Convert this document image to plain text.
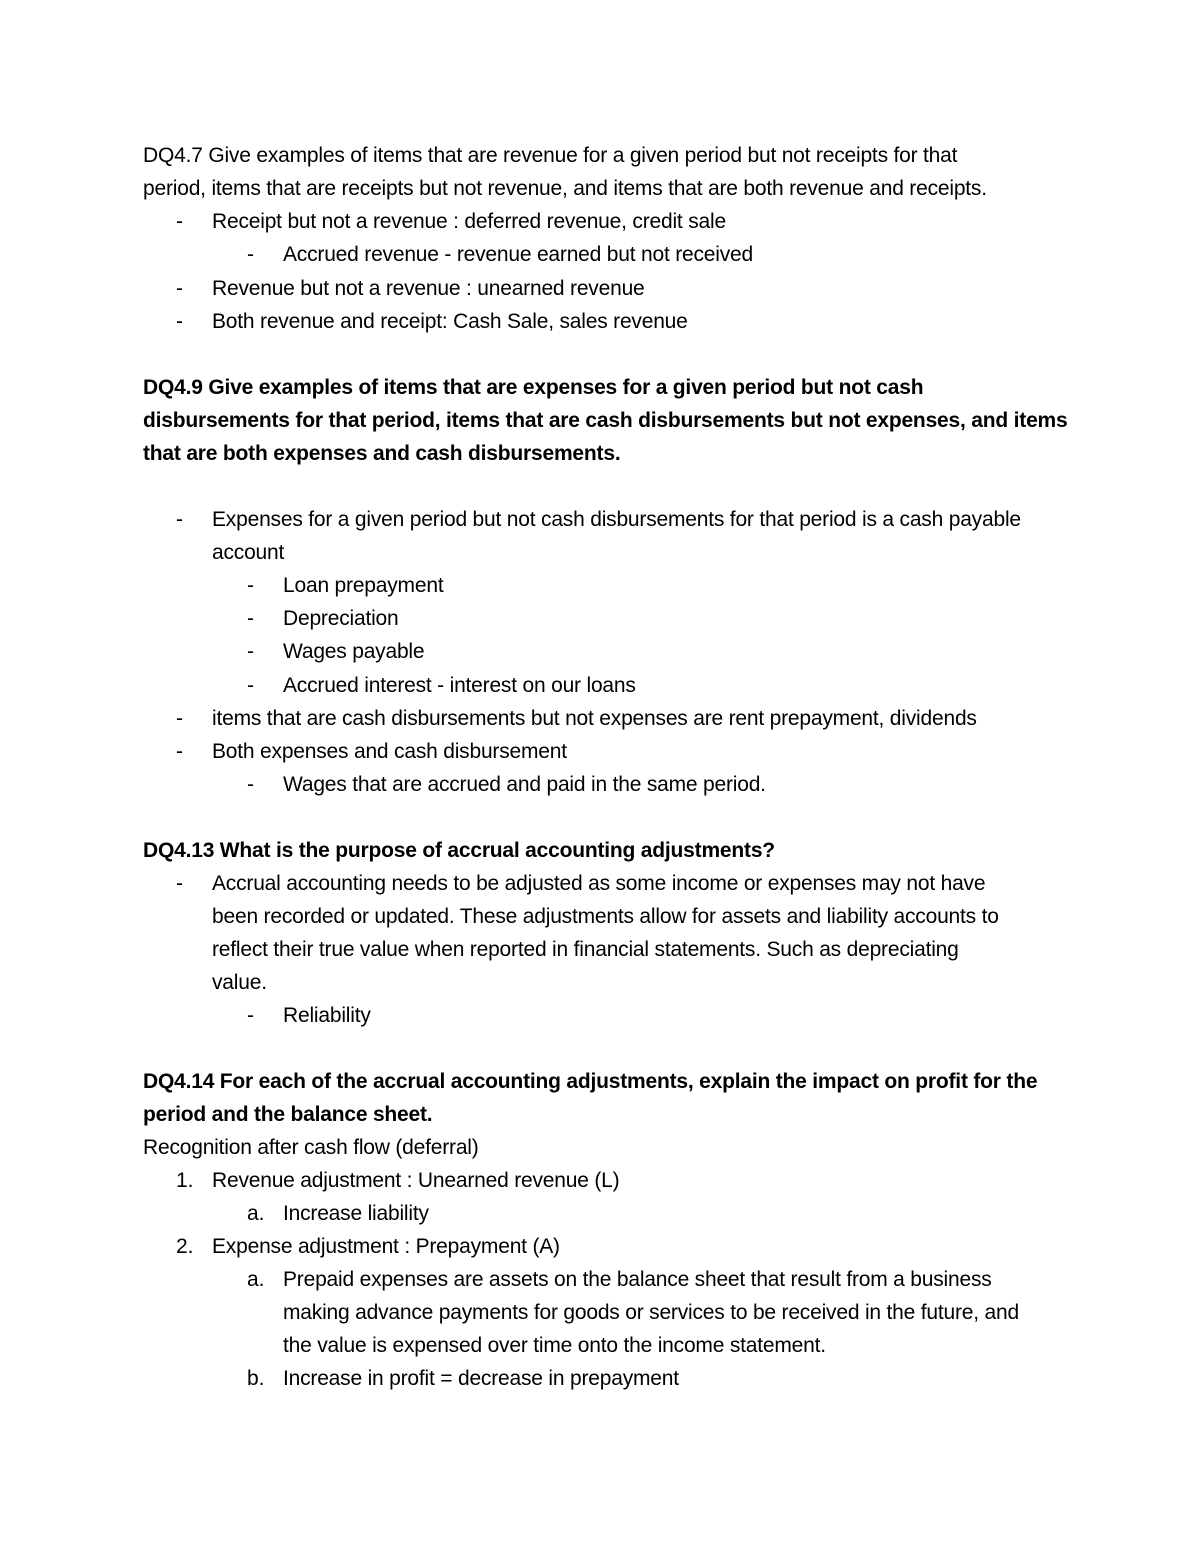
DQ4.7 Give examples of items that are revenue for a given period but not receipts for that
period, items that are receipts but not revenue, and items that are both revenue and receipts.
- Receipt but not a revenue : deferred revenue, credit sale
- Accrued revenue - revenue earned but not received
- Revenue but not a revenue : unearned revenue
- Both revenue and receipt: Cash Sale, sales revenue
DQ4.9 Give examples of items that are expenses for a given period but not cash
disbursements for that period, items that are cash disbursements but not expenses, and items
that are both expenses and cash disbursements.
- Expenses for a given period but not cash disbursements for that period is a cash payable
account
- Loan prepayment
- Depreciation
- Wages payable
- Accrued interest - interest on our loans
- items that are cash disbursements but not expenses are rent prepayment, dividends
- Both expenses and cash disbursement
- Wages that are accrued and paid in the same period.
DQ4.13 What is the purpose of accrual accounting adjustments?
- Accrual accounting needs to be adjusted as some income or expenses may not have
been recorded or updated. These adjustments allow for assets and liability accounts to
reflect their true value when reported in financial statements. Such as depreciating
value.
- Reliability
DQ4.14 For each of the accrual accounting adjustments, explain the impact on profit for the
period and the balance sheet.
Recognition after cash flow (deferral)
1. Revenue adjustment : Unearned revenue (L)
a. Increase liability
2. Expense adjustment : Prepayment (A)
a. Prepaid expenses are assets on the balance sheet that result from a business
making advance payments for goods or services to be received in the future, and
the value is expensed over time onto the income statement.
b. Increase in profit = decrease in prepayment
